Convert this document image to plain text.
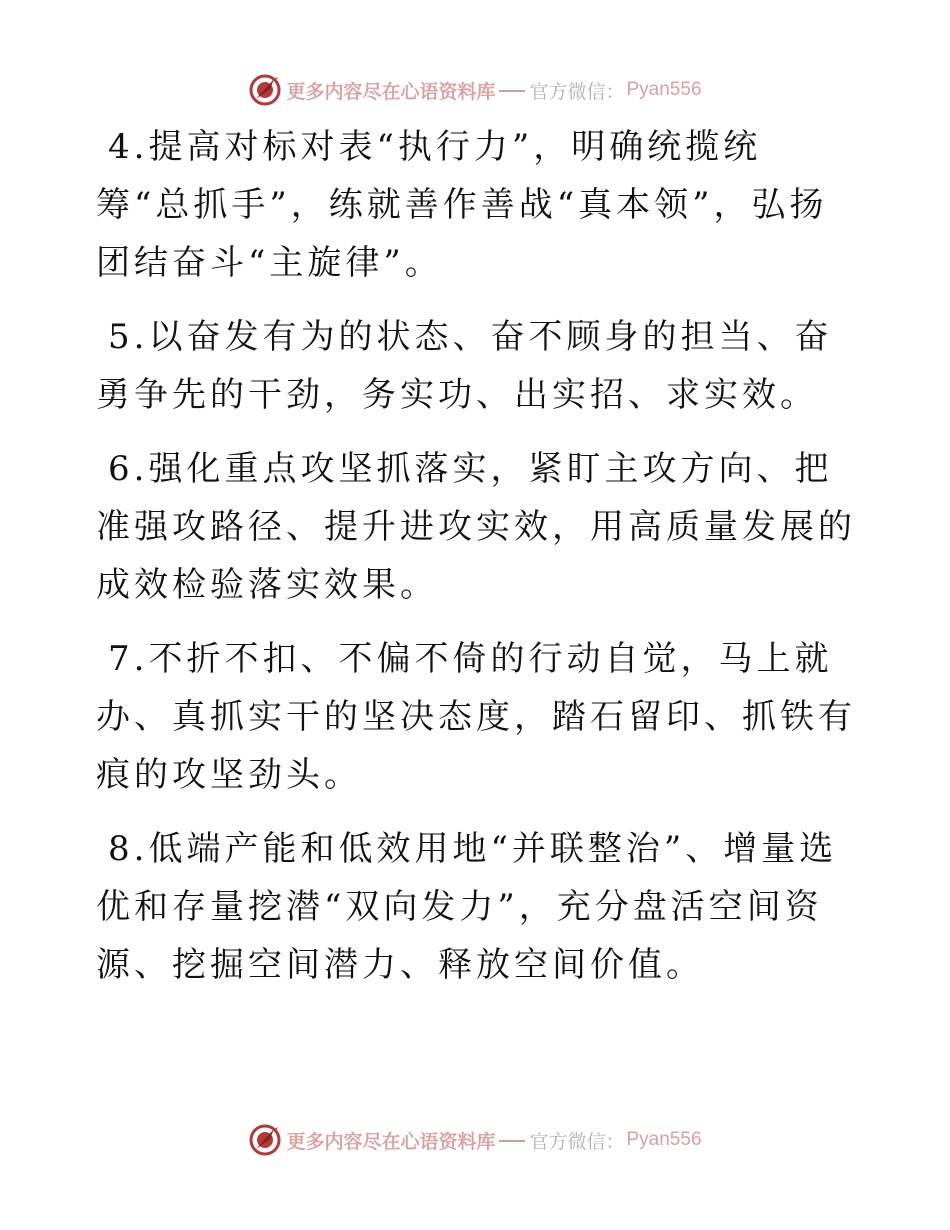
更多内容尽在心语资料库 官方微信： Pyan556

4.提高对标对表“执行力”，明确统揽统筹“总抓手”，练就善作善战“真本领”，弘扬团结奋斗“主旋律”。

5.以奋发有为的状态、奋不顾身的担当、奋勇争先的干劲，务实功、出实招、求实效。

6.强化重点攻坚抓落实，紧盯主攻方向、把准强攻路径、提升进攻实效，用高质量发展的成效检验落实效果。

7.不折不扣、不偏不倚的行动自觉，马上就办、真抓实干的坚决态度，踏石留印、抓铁有痕的攻坚劲头。

8.低端产能和低效用地“并联整治”、增量选优和存量挖潜“双向发力”，充分盘活空间资源、挖掘空间潜力、释放空间价值。

更多内容尽在心语资料库 官方微信： Pyan556
